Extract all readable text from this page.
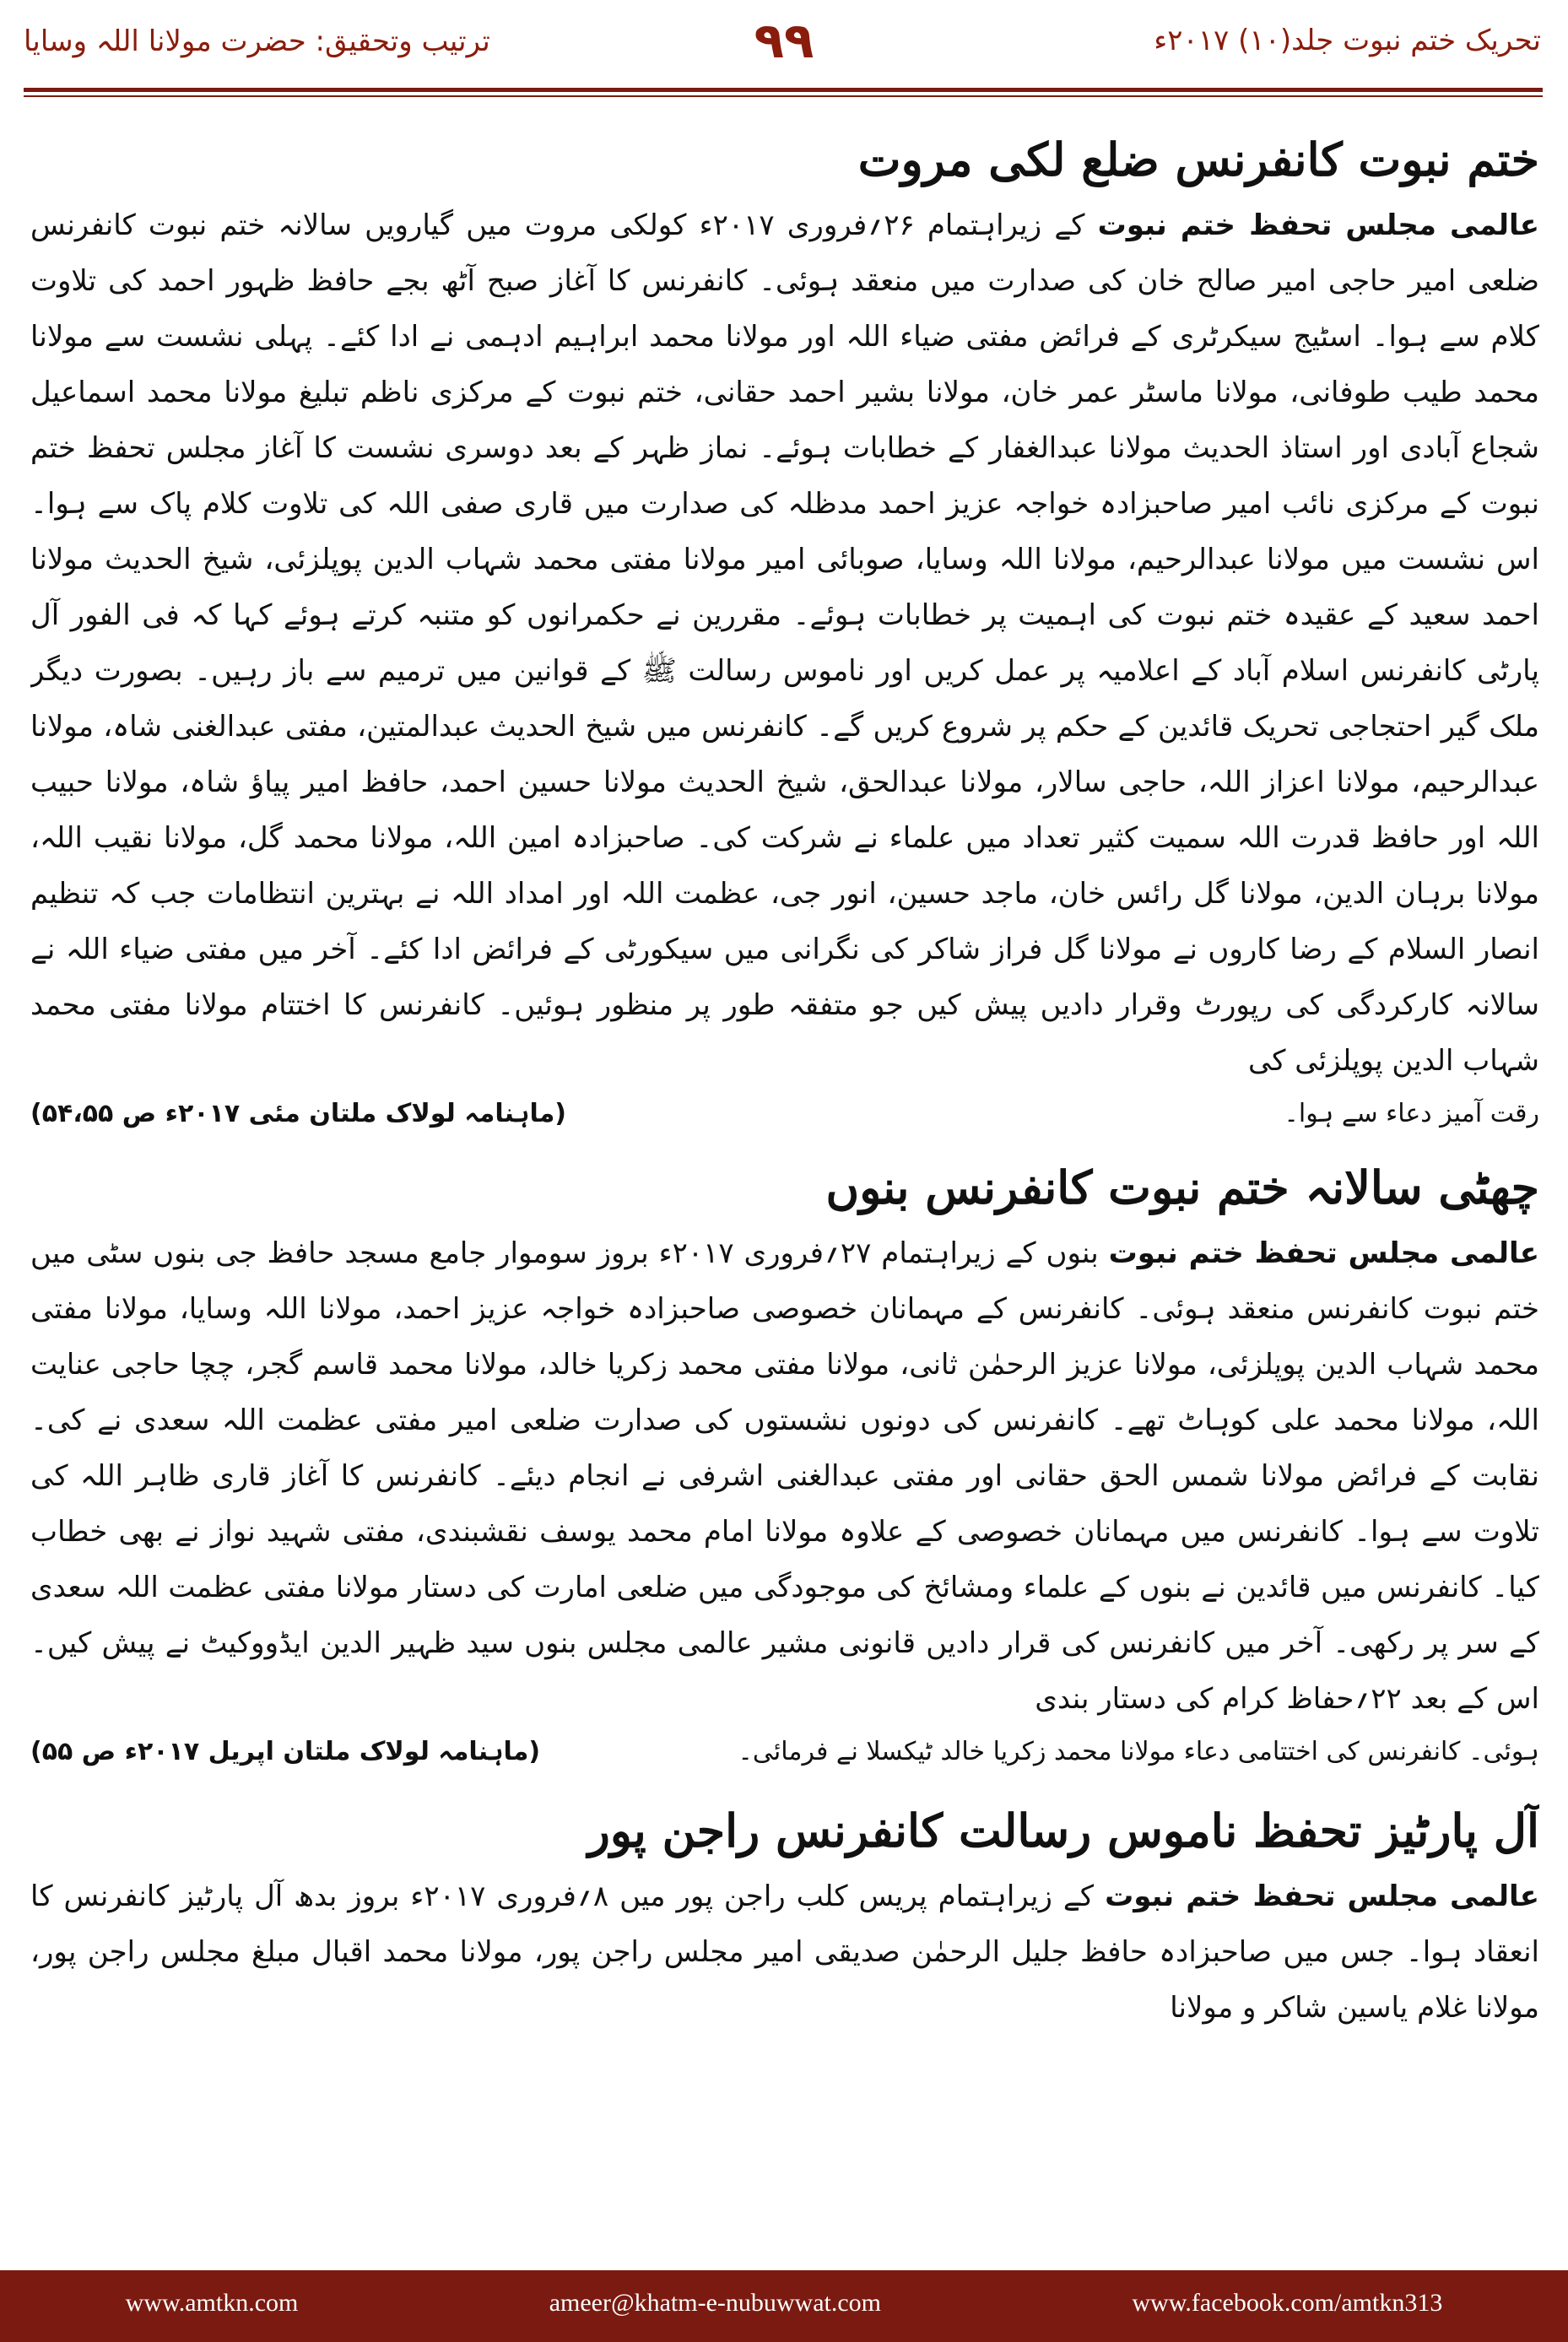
ترتیب وتحقیق: حضرت مولانا اللہ وسایا	۹۹	تحریک ختم نبوت جلد(۱۰) ۲۰۱۷ء
ختم نبوت کانفرنس ضلع لکی مروت

عالمی مجلس تحفظ ختم نبوت کے زیراہتمام ۲۶؍فروری ۲۰۱۷ء کولکی مروت میں گیارویں سالانہ ختم نبوت کانفرنس ضلعی امیر حاجی امیر صالح خان کی صدارت میں منعقد ہوئی۔ کانفرنس کا آغاز صبح آٹھ بجے حافظ ظہور احمد کی تلاوت کلام سے ہوا۔ اسٹیج سیکرٹری کے فرائض مفتی ضیاء اللہ اور مولانا محمد ابراہیم ادہمی نے ادا کئے۔ پہلی نشست سے مولانا محمد طیب طوفانی، مولانا ماسٹر عمر خان، مولانا بشیر احمد حقانی، ختم نبوت کے مرکزی ناظم تبلیغ مولانا محمد اسماعیل شجاع آبادی اور استاذ الحدیث مولانا عبدالغفار کے خطابات ہوئے۔ نماز ظہر کے بعد دوسری نشست کا آغاز مجلس تحفظ ختم نبوت کے مرکزی نائب امیر صاحبزادہ خواجہ عزیز احمد مدظلہ کی صدارت میں قاری صفی اللہ کی تلاوت کلام پاک سے ہوا۔ اس نشست میں مولانا عبدالرحیم، مولانا اللہ وسایا، صوبائی امیر مولانا مفتی محمد شہاب الدین پوپلزئی، شیخ الحدیث مولانا احمد سعید کے عقیدہ ختم نبوت کی اہمیت پر خطابات ہوئے۔ مقررین نے حکمرانوں کو متنبہ کرتے ہوئے کہا کہ فی الفور آل پارٹی کانفرنس اسلام آباد کے اعلامیہ پر عمل کریں اور ناموس رسالت ﷺ کے قوانین میں ترمیم سے باز رہیں۔ بصورت دیگر ملک گیر احتجاجی تحریک قائدین کے حکم پر شروع کریں گے۔ کانفرنس میں شیخ الحدیث عبدالمتین، مفتی عبدالغنی شاہ، مولانا عبدالرحیم، مولانا اعزاز اللہ، حاجی سالار، مولانا عبدالحق، شیخ الحدیث مولانا حسین احمد، حافظ امیر پیاؤ شاہ، مولانا حبیب اللہ اور حافظ قدرت اللہ سمیت کثیر تعداد میں علماء نے شرکت کی۔ صاحبزادہ امین اللہ، مولانا محمد گل، مولانا نقیب اللہ، مولانا برہان الدین، مولانا گل رائس خان، ماجد حسین، انور جی، عظمت اللہ اور امداد اللہ نے بہترین انتظامات جب کہ تنظیم انصار السلام کے رضا کاروں نے مولانا گل فراز شاکر کی نگرانی میں سیکورٹی کے فرائض ادا کئے۔ آخر میں مفتی ضیاء اللہ نے سالانہ کارکردگی کی رپورٹ وقرار دادیں پیش کیں جو متفقہ طور پر منظور ہوئیں۔ کانفرنس کا اختتام مولانا مفتی محمد شہاب الدین پوپلزئی کی

رقت آمیز دعاء سے ہوا۔
(ماہنامہ لولاک ملتان مئی ۲۰۱۷ء ص ۵۴،۵۵)
چھٹی سالانہ ختم نبوت کانفرنس بنوں

عالمی مجلس تحفظ ختم نبوت بنوں کے زیراہتمام ۲۷؍فروری ۲۰۱۷ء بروز سوموار جامع مسجد حافظ جی بنوں سٹی میں ختم نبوت کانفرنس منعقد ہوئی۔ کانفرنس کے مہمانان خصوصی صاحبزادہ خواجہ عزیز احمد، مولانا اللہ وسایا، مولانا مفتی محمد شہاب الدین پوپلزئی، مولانا عزیز الرحمٰن ثانی، مولانا مفتی محمد زکریا خالد، مولانا محمد قاسم گجر، چچا حاجی عنایت اللہ، مولانا محمد علی کوہاٹ تھے۔ کانفرنس کی دونوں نشستوں کی صدارت ضلعی امیر مفتی عظمت اللہ سعدی نے کی۔ نقابت کے فرائض مولانا شمس الحق حقانی اور مفتی عبدالغنی اشرفی نے انجام دیئے۔ کانفرنس کا آغاز قاری ظاہر اللہ کی تلاوت سے ہوا۔ کانفرنس میں مہمانان خصوصی کے علاوہ مولانا امام محمد یوسف نقشبندی، مفتی شہید نواز نے بھی خطاب کیا۔ کانفرنس میں قائدین نے بنوں کے علماء ومشائخ کی موجودگی میں ضلعی امارت کی دستار مولانا مفتی عظمت اللہ سعدی کے سر پر رکھی۔ آخر میں کانفرنس کی قرار دادیں قانونی مشیر عالمی مجلس بنوں سید ظہیر الدین ایڈووکیٹ نے پیش کیں۔ اس کے بعد ۲۲؍حفاظ کرام کی دستار بندی

ہوئی۔ کانفرنس کی اختتامی دعاء مولانا محمد زکریا خالد ٹیکسلا نے فرمائی۔
(ماہنامہ لولاک ملتان اپریل ۲۰۱۷ء ص ۵۵)
آل پارٹیز تحفظ ناموس رسالت کانفرنس راجن پور

عالمی مجلس تحفظ ختم نبوت کے زیراہتمام پریس کلب راجن پور میں ۸؍فروری ۲۰۱۷ء بروز بدھ آل پارٹیز کانفرنس کا انعقاد ہوا۔ جس میں صاحبزادہ حافظ جلیل الرحمٰن صدیقی امیر مجلس راجن پور، مولانا محمد اقبال مبلغ مجلس راجن پور، مولانا غلام یاسین شاکر و مولانا

www.amtkn.com	ameer@khatm-e-nubuwwat.com	www.facebook.com/amtkn313
